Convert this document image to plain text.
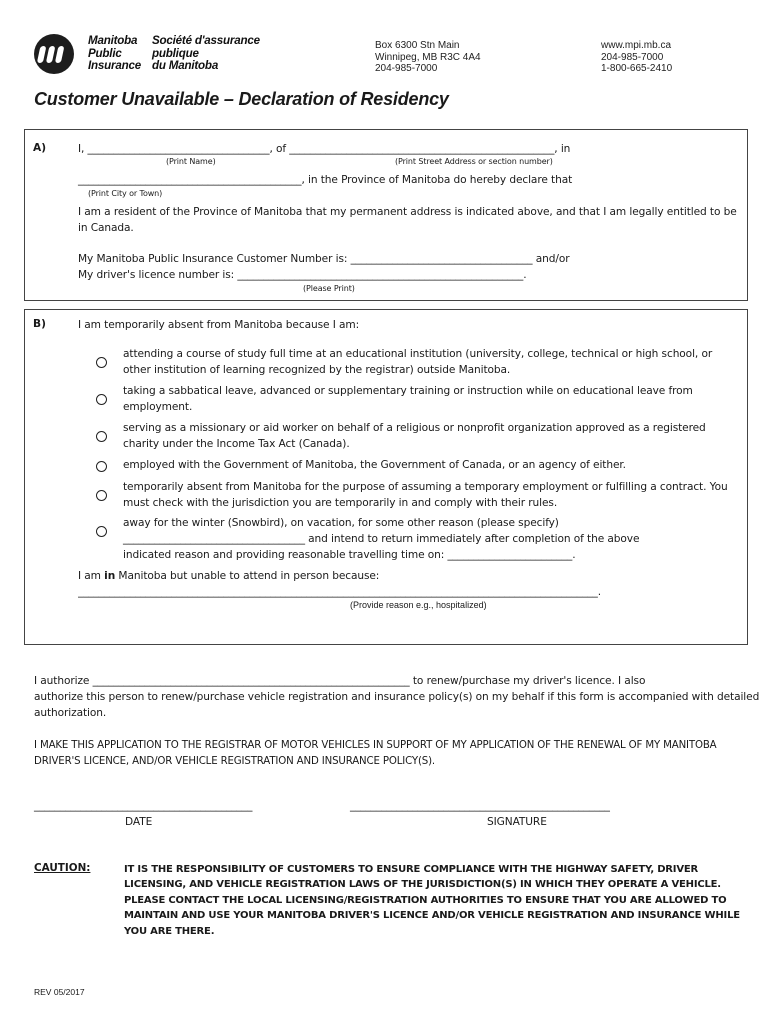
Manitoba
Public
Insurance
Société d'assurance
publique
du Manitoba
Box 6300 Stn Main
Winnipeg, MB R3C 4A4
204-985-7000
www.mpi.mb.ca
204-985-7000
1-800-665-2410
Customer Unavailable – Declaration of Residency
A)	I, ___________________________________, of ___________________________________________________, in
(Print Name)	(Print Street Address or section number)
___________________________________________, in the Province of Manitoba do hereby declare that
(Print City or Town)
I am a resident of the Province of Manitoba that my permanent address is indicated above, and that I am legally entitled to be in Canada.
My Manitoba Public Insurance Customer Number is: ___________________________________ and/or
My driver's licence number is: _______________________________________________________.
(Please Print)
B)	I am temporarily absent from Manitoba because I am:
attending a course of study full time at an educational institution (university, college, technical or high school, or other institution of learning recognized by the registrar) outside Manitoba.
taking a sabbatical leave, advanced or supplementary training or instruction while on educational leave from employment.
serving as a missionary or aid worker on behalf of a religious or nonprofit organization approved as a registered charity under the Income Tax Act (Canada).
employed with the Government of Manitoba, the Government of Canada, or an agency of either.
temporarily absent from Manitoba for the purpose of assuming a temporary employment or fulfilling a contract. You must check with the jurisdiction you are temporarily in and comply with their rules.
away for the winter (Snowbird), on vacation, for some other reason (please specify)
___________________________________ and intend to return immediately after completion of the above
indicated reason and providing reasonable travelling time on: ________________________.
I am in Manitoba but unable to attend in person because:
____________________________________________________________________________________________________.
(Provide reason e.g., hospitalized)
I authorize _____________________________________________________________ to renew/purchase my driver's licence. I also
authorize this person to renew/purchase vehicle registration and insurance policy(s) on my behalf if this form is accompanied with detailed
authorization.
I MAKE THIS APPLICATION TO THE REGISTRAR OF MOTOR VEHICLES IN SUPPORT OF MY APPLICATION OF THE RENEWAL OF MY MANITOBA DRIVER'S LICENCE, AND/OR VEHICLE REGISTRATION AND INSURANCE POLICY(S).
__________________________________________
DATE
__________________________________________________
SIGNATURE
CAUTION:	IT IS THE RESPONSIBILITY OF CUSTOMERS TO ENSURE COMPLIANCE WITH THE HIGHWAY SAFETY, DRIVER LICENSING, AND VEHICLE REGISTRATION LAWS OF THE JURISDICTION(S) IN WHICH THEY OPERATE A VEHICLE. PLEASE CONTACT THE LOCAL LICENSING/REGISTRATION AUTHORITIES TO ENSURE THAT YOU ARE ALLOWED TO MAINTAIN AND USE YOUR MANITOBA DRIVER'S LICENCE AND/OR VEHICLE REGISTRATION AND INSURANCE WHILE YOU ARE THERE.
REV 05/2017
